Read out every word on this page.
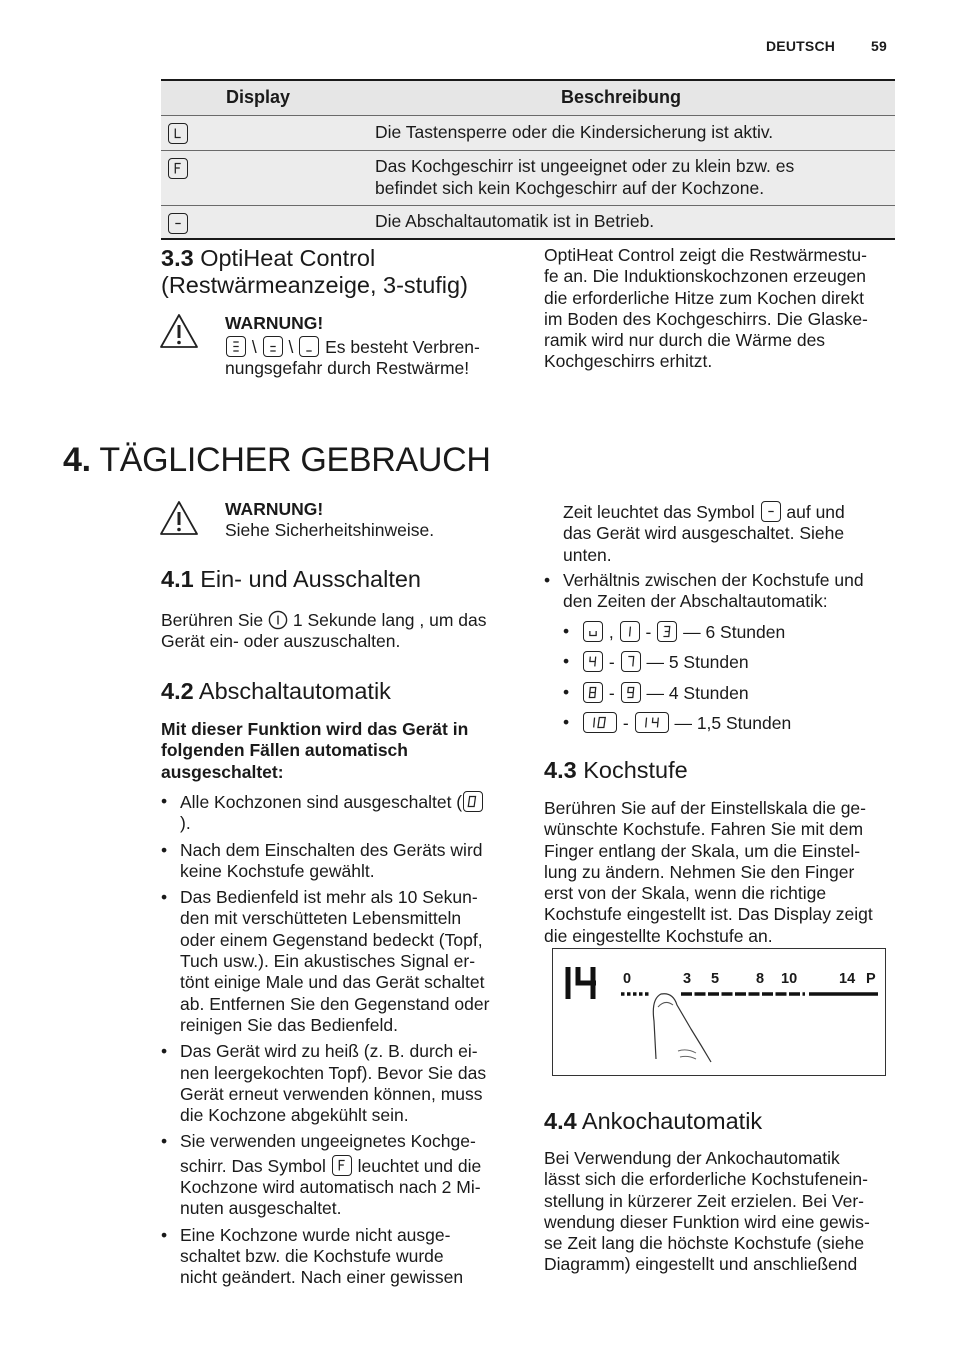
DEUTSCH	59
Display	Beschreibung
Die Tastensperre oder die Kindersicherung ist aktiv.
Das Kochgeschirr ist ungeeignet oder zu klein bzw. es
befindet sich kein Kochgeschirr auf der Kochzone.
Die Abschaltautomatik ist in Betrieb.

3.3 OptiHeat Control

(Restwärmeanzeige, 3-stufig)

WARNUNG!
\ \ Es besteht Verbren-
nungsgefahr durch Restwärme!
OptiHeat Control zeigt die Restwärmestu-
fe an. Die Induktionskochzonen erzeugen
die erforderliche Hitze zum Kochen direkt
im Boden des Kochgeschirrs. Die Glaske-
ramik wird nur durch die Wärme des
Kochgeschirrs erhitzt.
4. TÄGLICHER GEBRAUCH
WARNUNG!
Siehe Sicherheitshinweise.

4.1 Ein- und Ausschalten

Berühren Sie 1 Sekunde lang , um das
Gerät ein- oder auszuschalten.

4.2 Abschaltautomatik

Mit dieser Funktion wird das Gerät in
folgenden Fällen automatisch
ausgeschaltet:
• Alle Kochzonen sind ausgeschaltet (

).
• Nach dem Einschalten des Geräts wird
keine Kochstufe gewählt.
• Das Bedienfeld ist mehr als 10 Sekun-
den mit verschütteten Lebensmitteln
oder einem Gegenstand bedeckt (Topf,
Tuch usw.). Ein akustisches Signal er-
tönt einige Male und das Gerät schaltet
ab. Entfernen Sie den Gegenstand oder
reinigen Sie das Bedienfeld.
• Das Gerät wird zu heiß (z. B. durch ei-
nen leergekochten Topf). Bevor Sie das
Gerät erneut verwenden können, muss
die Kochzone abgekühlt sein.
• Sie verwenden ungeeignetes Kochge-
schirr. Das Symbol leuchtet und die
Kochzone wird automatisch nach 2 Mi-
nuten ausgeschaltet.
• Eine Kochzone wurde nicht ausge-
schaltet bzw. die Kochstufe wurde
nicht geändert. Nach einer gewissen
Zeit leuchtet das Symbol auf und
das Gerät wird ausgeschaltet. Siehe
unten.
• Verhältnis zwischen der Kochstufe und
den Zeiten der Abschaltautomatik:
• , - — 6 Stunden
• - — 5 Stunden
• - — 4 Stunden
• -	— 1,5 Stunden

4.3 Kochstufe

Berühren Sie auf der Einstellskala die ge-
wünschte Kochstufe. Fahren Sie mit dem
Finger entlang der Skala, um die Einstel-
lung zu ändern. Nehmen Sie den Finger
erst von der Skala, wenn die richtige
Kochstufe eingestellt ist. Das Display zeigt
die eingestellte Kochstufe an.
0	3 5	8 10	14 P

4.4 Ankochautomatik

Bei Verwendung der Ankochautomatik
lässt sich die erforderliche Kochstufenein-
stellung in kürzerer Zeit erzielen. Bei Ver-
wendung dieser Funktion wird eine gewis-
se Zeit lang die höchste Kochstufe (siehe
Diagramm) eingestellt und anschließend
